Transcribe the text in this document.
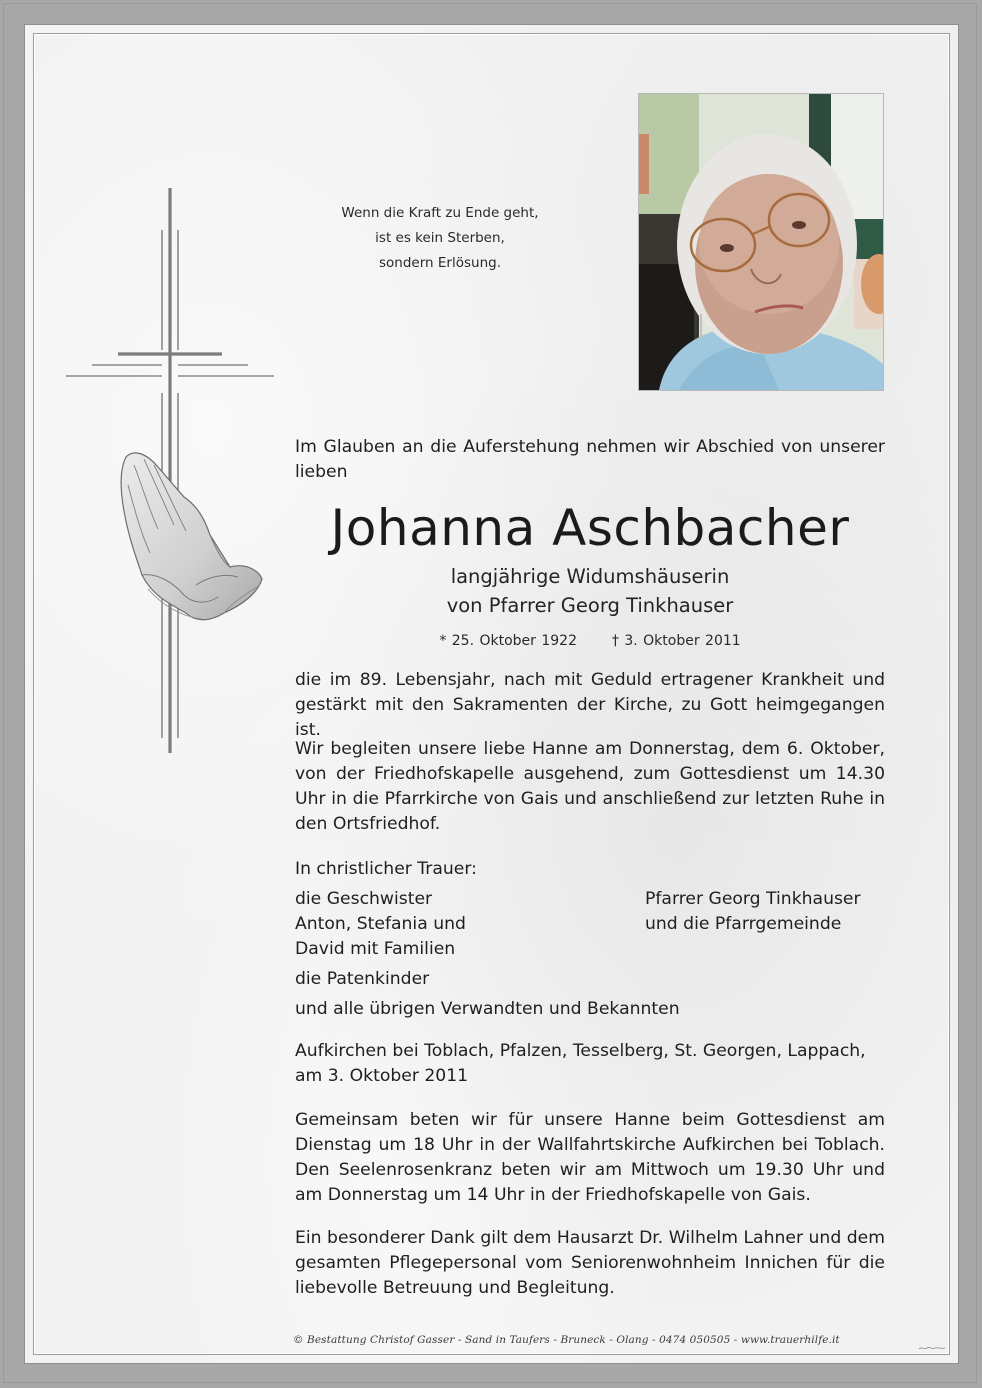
Wenn die Kraft zu Ende geht,
ist es kein Sterben,
sondern Erlösung.
Im Glauben an die Auferstehung nehmen wir Abschied von unserer lieben
Johanna Aschbacher
langjährige Widumshäuserin
von Pfarrer Georg Tinkhauser
* 25. Oktober 1922 † 3. Oktober 2011
die im 89. Lebensjahr, nach mit Geduld ertragener Krankheit und gestärkt mit den Sakramenten der Kirche, zu Gott heimgegangen ist.
Wir begleiten unsere liebe Hanne am Donnerstag, dem 6. Oktober, von der Friedhofskapelle ausgehend, zum Gottesdienst um 14.30 Uhr in die Pfarrkirche von Gais und anschließend zur letzten Ruhe in den Ortsfriedhof.
In christlicher Trauer:
die Geschwister	Pfarrer Georg Tinkhauser
Anton, Stefania und	und die Pfarrgemeinde
David mit Familien
die Patenkinder
und alle übrigen Verwandten und Bekannten
Aufkirchen bei Toblach, Pfalzen, Tesselberg, St. Georgen, Lappach,
am 3. Oktober 2011
Gemeinsam beten wir für unsere Hanne beim Gottesdienst am Dienstag um 18 Uhr in der Wallfahrtskirche Aufkirchen bei Toblach. Den Seelenrosenkranz beten wir am Mittwoch um 19.30 Uhr und am Donnerstag um 14 Uhr in der Friedhofskapelle von Gais.
Ein besonderer Dank gilt dem Hausarzt Dr. Wilhelm Lahner und dem gesamten Pflegepersonal vom Seniorenwohnheim Innichen für die liebevolle Betreuung und Begleitung.
© Bestattung Christof Gasser - Sand in Taufers - Bruneck - Olang - 0474 050505 - www.trauerhilfe.it
